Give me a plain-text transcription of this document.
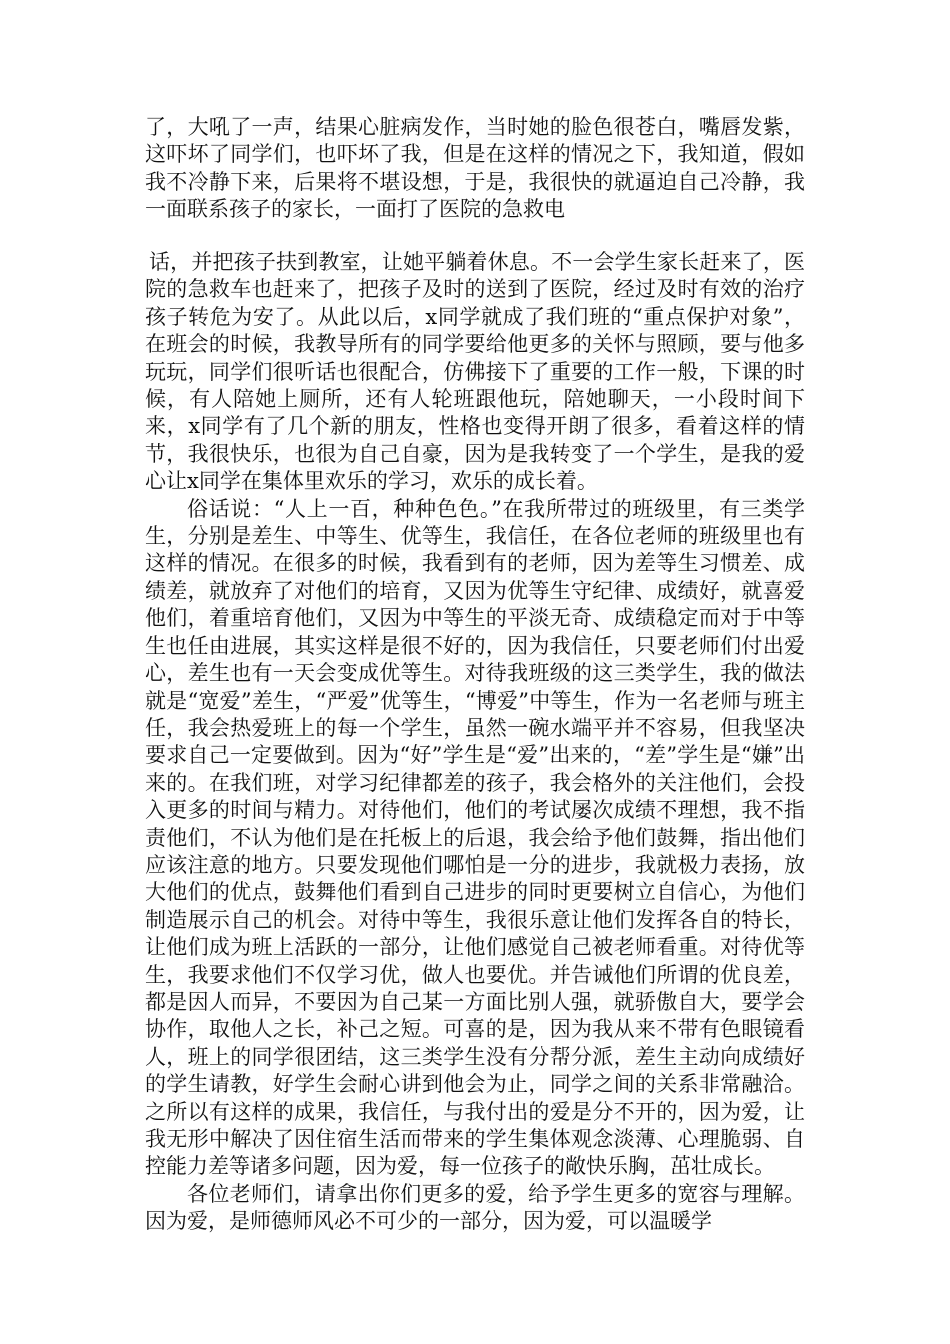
了，大吼了一声，结果心脏病发作，当时她的脸色很苍白，嘴唇发紫，这吓坏了同学们，也吓坏了我，但是在这样的情况之下，我知道，假如我不冷静下来，后果将不堪设想，于是，我很快的就逼迫自己冷静，我一面联系孩子的家长，一面打了医院的急救电

话，并把孩子扶到教室，让她平躺着休息。不一会学生家长赶来了，医院的急救车也赶来了，把孩子及时的送到了医院，经过及时有效的治疗孩子转危为安了。从此以后，x同学就成了我们班的“重点保护对象”，在班会的时候，我教导所有的同学要给他更多的关怀与照顾，要与他多玩玩，同学们很听话也很配合，仿佛接下了重要的工作一般，下课的时候，有人陪她上厕所，还有人轮班跟他玩，陪她聊天，一小段时间下来，x同学有了几个新的朋友，性格也变得开朗了很多，看着这样的情节，我很快乐，也很为自己自豪，因为是我转变了一个学生，是我的爱心让x同学在集体里欢乐的学习，欢乐的成长着。

俗话说：“人上一百，种种色色。”在我所带过的班级里，有三类学生，分别是差生、中等生、优等生，我信任，在各位老师的班级里也有这样的情况。在很多的时候，我看到有的老师，因为差等生习惯差、成绩差，就放弃了对他们的培育，又因为优等生守纪律、成绩好，就喜爱他们，着重培育他们，又因为中等生的平淡无奇、成绩稳定而对于中等生也任由进展，其实这样是很不好的，因为我信任，只要老师们付出爱心，差生也有一天会变成优等生。对待我班级的这三类学生，我的做法就是“宽爱”差生，“严爱”优等生，“博爱”中等生，作为一名老师与班主任，我会热爱班上的每一个学生，虽然一碗水端平并不容易，但我坚决要求自己一定要做到。因为“好”学生是“爱”出来的，“差”学生是“嫌”出来的。在我们班，对学习纪律都差的孩子，我会格外的关注他们，会投入更多的时间与精力。对待他们，他们的考试屡次成绩不理想，我不指责他们，不认为他们是在托板上的后退，我会给予他们鼓舞，指出他们应该注意的地方。只要发现他们哪怕是一分的进步，我就极力表扬，放大他们的优点，鼓舞他们看到自己进步的同时更要树立自信心，为他们制造展示自己的机会。对待中等生，我很乐意让他们发挥各自的特长，让他们成为班上活跃的一部分，让他们感觉自己被老师看重。对待优等生，我要求他们不仅学习优，做人也要优。并告诫他们所谓的优良差，都是因人而异，不要因为自己某一方面比别人强，就骄傲自大，要学会协作，取他人之长，补己之短。可喜的是，因为我从来不带有色眼镜看人，班上的同学很团结，这三类学生没有分帮分派，差生主动向成绩好的学生请教，好学生会耐心讲到他会为止，同学之间的关系非常融洽。之所以有这样的成果，我信任，与我付出的爱是分不开的，因为爱，让我无形中解决了因住宿生活而带来的学生集体观念淡薄、心理脆弱、自控能力差等诸多问题，因为爱，每一位孩子的敞快乐胸，茁壮成长。

各位老师们，请拿出你们更多的爱，给予学生更多的宽容与理解。因为爱，是师德师风必不可少的一部分，因为爱，可以温暖学
